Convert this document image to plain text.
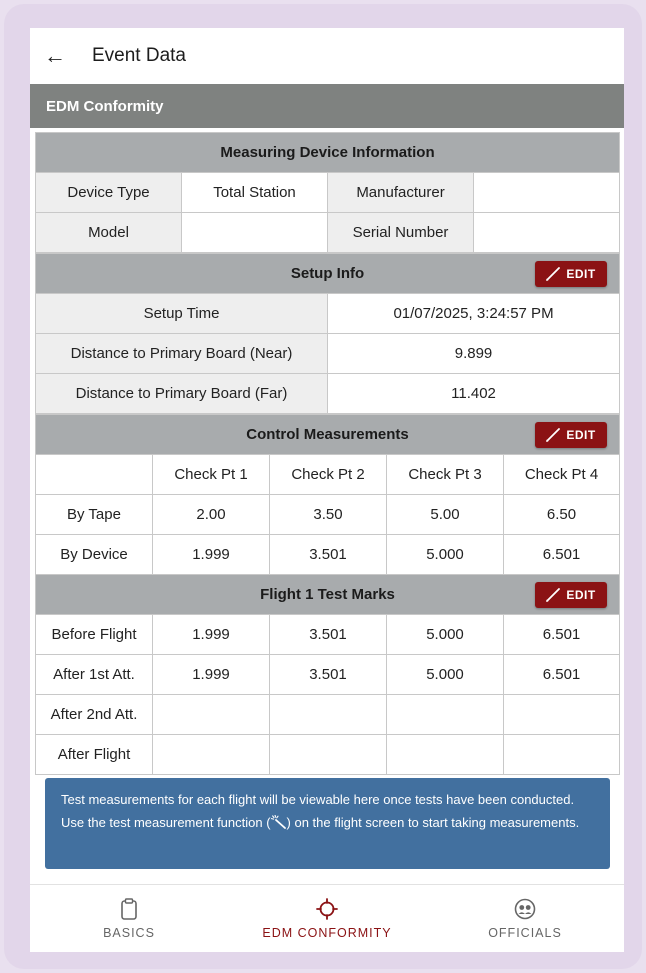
←	Event Data
EDM Conformity
Measuring Device Information			
Device Type	Total Station	Manufacturer	
Model		Serial Number	
Setup Info EDIT	

Setup Time	01/07/2025, 3:24:57 PM
Distance to Primary Board (Near)	9.899
Distance to Primary Board (Far)	11.402
Control Measurements EDIT				

	Check Pt 1	Check Pt 2	Check Pt 3	Check Pt 4
By Tape	2.00	3.50	5.00	6.50
By Device	1.999	3.501	5.000	6.501
Flight 1 Test Marks EDIT				

Before Flight	1.999	3.501	5.000	6.501
After 1st Att.	1.999	3.501	5.000	6.501
After 2nd Att.				
After Flight				
Test measurements for each flight will be viewable here once tests have been conducted. Use the test measurement function ( ) on the flight screen to start taking measurements.
BASICS	EDM CONFORMITY	OFFICIALS
